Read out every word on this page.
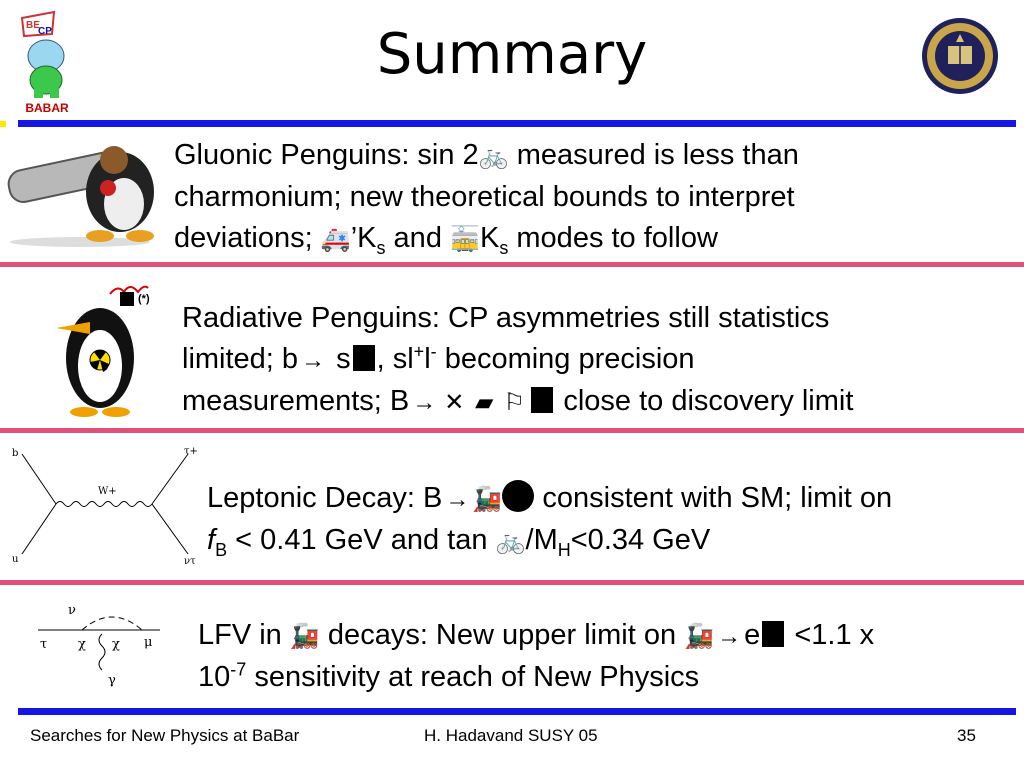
Summary
BE
CP
BABAR
Gluonic Penguins: sin 2🚲 measured is less than
charmonium; new theoretical bounds to interpret
deviations; $🚑’K_s$ and $🚋K_s$ modes to follow
(*)
Radiative Penguins: CP asymmetries still statistics
limited; b → s , sl+l- becoming precision
measurements; B → ✕ ▰ ⚐ close to discovery limit
b
u
W+
τ+
ντ
Leptonic Decay: B → 🚂 consistent with SM; limit on
$f_B < 0.41$ GeV and $\tan 🚲/M_H<0.34$ GeV
ν
τ χ χ μ
γ
LFV in 🚂 decays: New upper limit on 🚂 → e <1.1 x
$10^{-7}$ sensitivity at reach of New Physics
Searches for New Physics at BaBar	H. Hadavand SUSY 05	35
